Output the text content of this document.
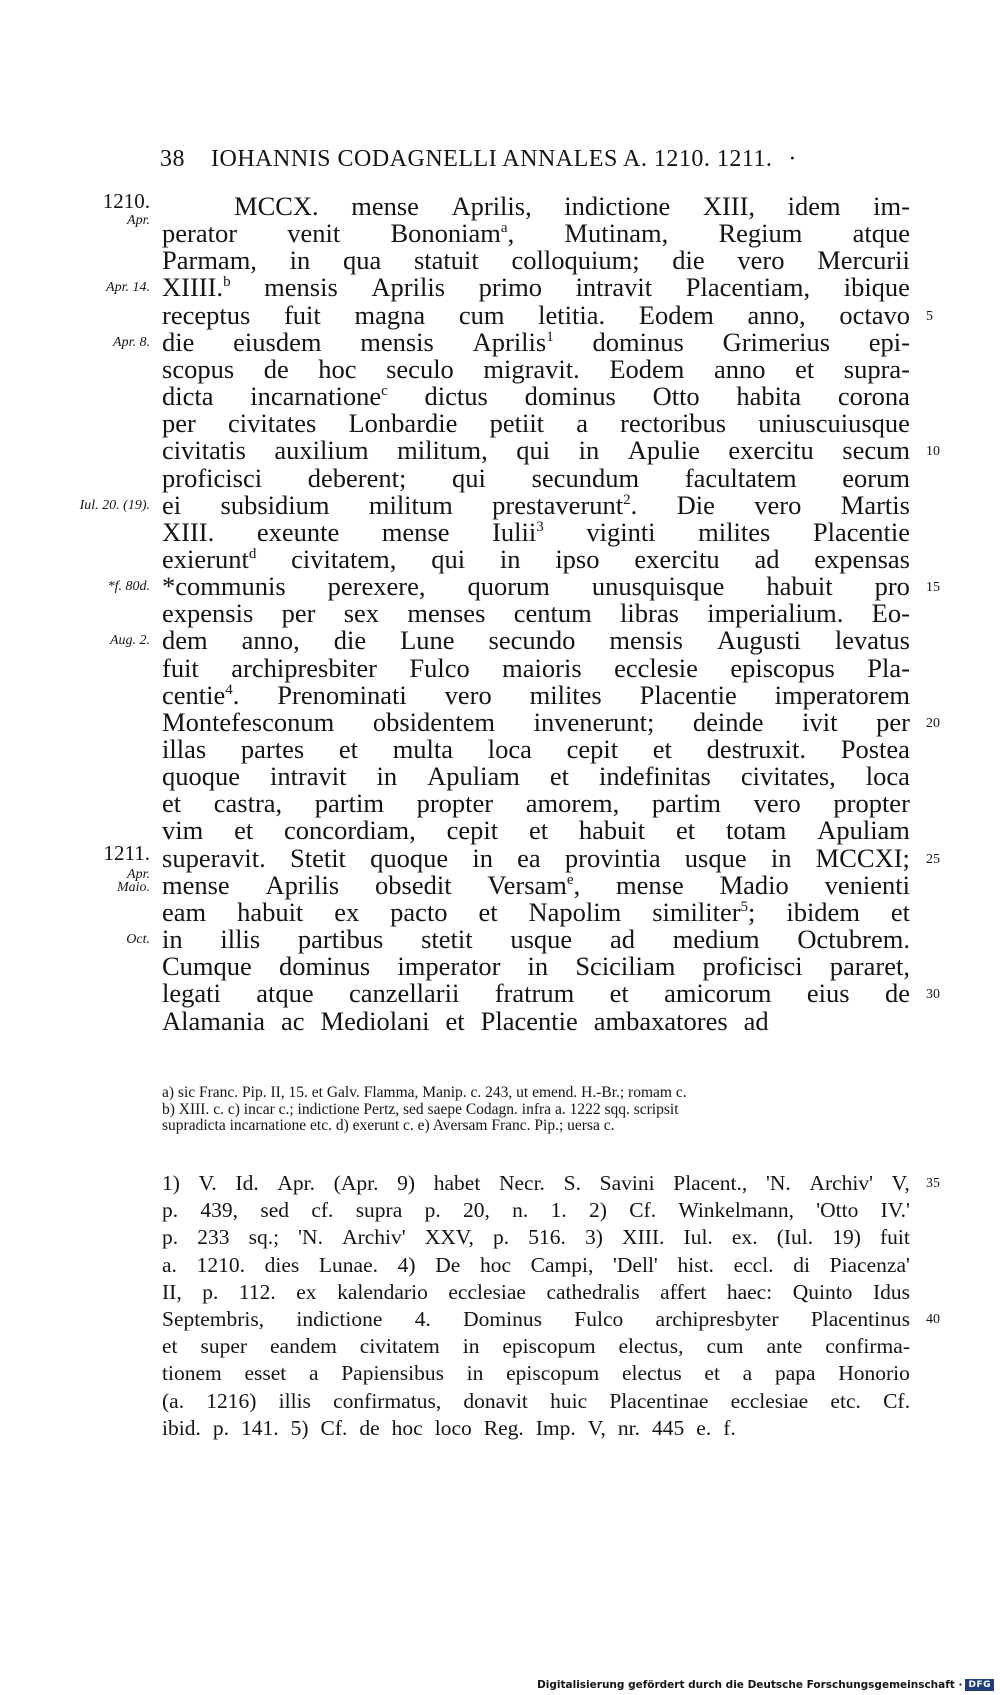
38 IOHANNIS CODAGNELLI ANNALES A. 1210. 1211. ·
MCCX. mense Aprilis, indictione XIII, idem im-
perator venit Bononiam$^a$, Mutinam, Regium atque
Parmam, in qua statuit colloquium; die vero Mercurii
XIIII.$^b$ mensis Aprilis primo intravit Placentiam, ibique
receptus fuit magna cum letitia. Eodem anno, octavo
die eiusdem mensis Aprilis$^1$ dominus Grimerius epi-
scopus de hoc seculo migravit. Eodem anno et supra-
dicta incarnatione$^c$ dictus dominus Otto habita corona
per civitates Lonbardie petiit a rectoribus uniuscuiusque
civitatis auxilium militum, qui in Apulie exercitu secum
proficisci deberent; qui secundum facultatem eorum
ei subsidium militum prestaverunt$^2$. Die vero Martis
XIII. exeunte mense Iulii$^3$ viginti milites Placentie
exierunt$^d$ civitatem, qui in ipso exercitu ad expensas
*communis perexere, quorum unusquisque habuit pro
expensis per sex menses centum libras imperialium. Eo-
dem anno, die Lune secundo mensis Augusti levatus
fuit archipresbiter Fulco maioris ecclesie episcopus Pla-
centie$^4$. Prenominati vero milites Placentie imperatorem
Montefesconum obsidentem invenerunt; deinde ivit per
illas partes et multa loca cepit et destruxit. Postea
quoque intravit in Apuliam et indefinitas civitates, loca
et castra, partim propter amorem, partim vero propter
vim et concordiam, cepit et habuit et totam Apuliam
superavit. Stetit quoque in ea provintia usque in MCCXI;
mense Aprilis obsedit Versam$^e$, mense Madio venienti
eam habuit ex pacto et Napolim similiter$^5$; ibidem et
in illis partibus stetit usque ad medium Octubrem.
Cumque dominus imperator in Sciciliam proficisci pararet,
legati atque canzellarii fratrum et amicorum eius de
Alamania ac Mediolani et Placentie ambaxatores ad
1210.
Apr.
Apr. 14.
Apr. 8.
Iul. 20. (19).
*f. 80d.
Aug. 2.
1211.
Apr.
Maio.
Oct.
5
10
15
20
25
30
a) sic Franc. Pip. II, 15. et Galv. Flamma, Manip. c. 243, ut emend. H.-Br.; romam c.
b) XIII. c. c) incar c.; indictione Pertz, sed saepe Codagn. infra a. 1222 sqq. scripsit
supradicta incarnatione etc. d) exerunt c. e) Aversam Franc. Pip.; uersa c.
1) V. Id. Apr. (Apr. 9) habet Necr. S. Savini Placent., 'N. Archiv' V,
p. 439, sed cf. supra p. 20, n. 1. 2) Cf. Winkelmann, 'Otto IV.'
p. 233 sq.; 'N. Archiv' XXV, p. 516. 3) XIII. Iul. ex. (Iul. 19) fuit
a. 1210. dies Lunae. 4) De hoc Campi, 'Dell' hist. eccl. di Piacenza'
II, p. 112. ex kalendario ecclesiae cathedralis affert haec: Quinto Idus
Septembris, indictione 4. Dominus Fulco archipresbyter Placentinus
et super eandem civitatem in episcopum electus, cum ante confirma-
tionem esset a Papiensibus in episcopum electus et a papa Honorio
(a. 1216) illis confirmatus, donavit huic Placentinae ecclesiae etc. Cf.
ibid. p. 141. 5) Cf. de hoc loco Reg. Imp. V, nr. 445 e. f.
35
40
Digitalisierung gefördert durch die Deutsche Forschungsgemeinschaft · DFG
